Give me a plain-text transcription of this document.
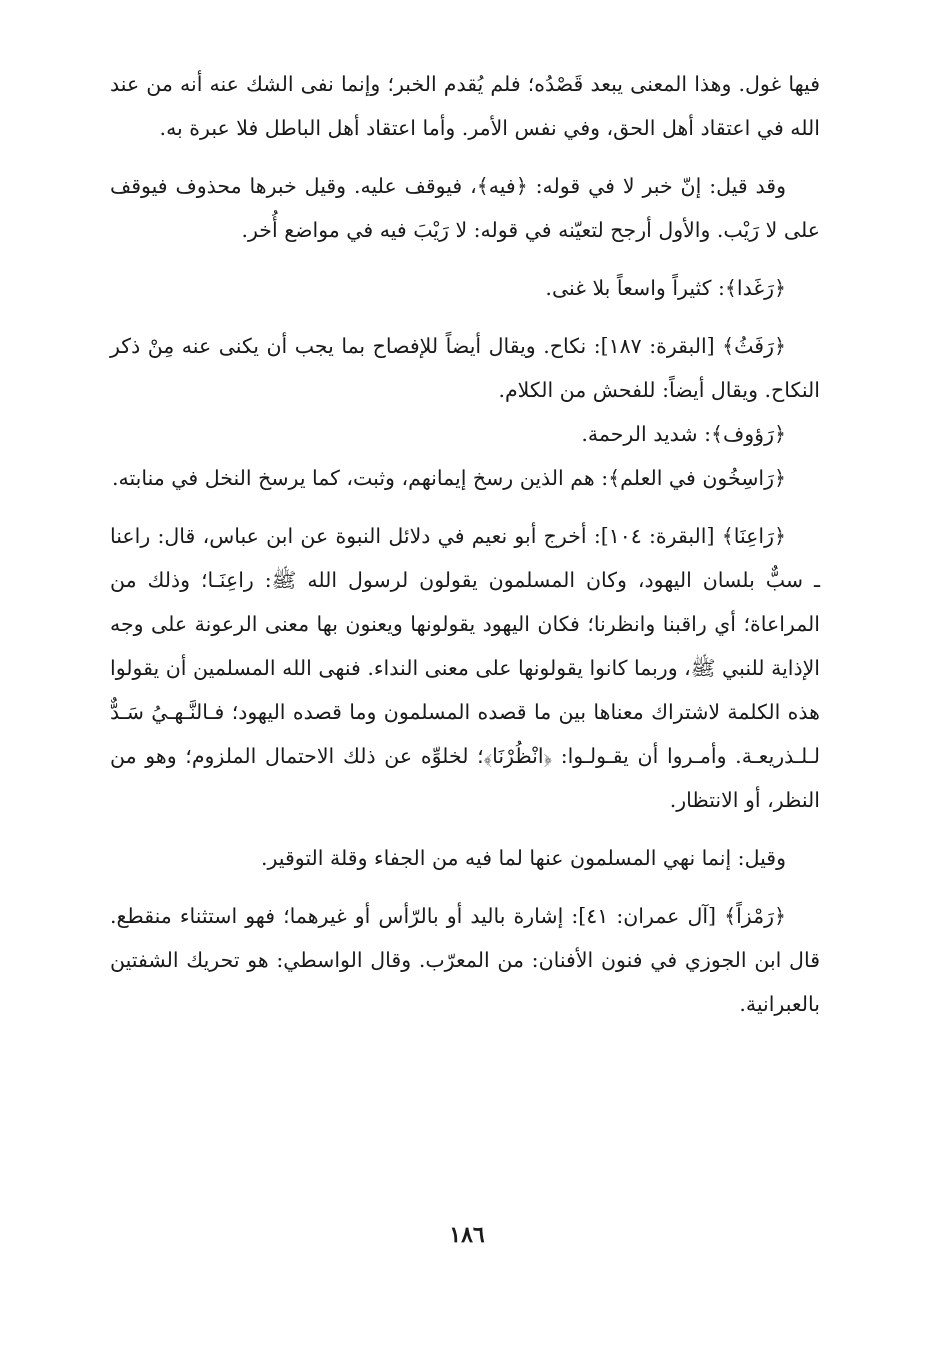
فيها غول. وهذا المعنى يبعد قَصْدُه؛ فلم يُقدم الخبر؛ وإنما نفى الشك عنه أنه من عند الله في اعتقاد أهل الحق، وفي نفس الأمر. وأما اعتقاد أهل الباطل فلا عبرة به.

وقد قيل: إنّ خبر لا في قوله: ﴿فيه﴾، فيوقف عليه. وقيل خبرها محذوف فيوقف على لا رَيْب. والأول أرجح لتعيّنه في قوله: لا رَيْبَ فيه في مواضع أُخر.

﴿رَغَدا﴾: كثيراً واسعاً بلا غنى.

﴿رَفَثُ﴾ [البقرة: ١٨٧]: نكاح. ويقال أيضاً للإفصاح بما يجب أن يكنى عنه مِنْ ذكر النكاح. ويقال أيضاً: للفحش من الكلام.

﴿رَؤوف﴾: شديد الرحمة.

﴿رَاسِخُون في العلم﴾: هم الذين رسخ إيمانهم، وثبت، كما يرسخ النخل في منابته.

﴿رَاعِنَا﴾ [البقرة: ١٠٤]: أخرج أبو نعيم في دلائل النبوة عن ابن عباس، قال: راعنا ـ سبٌّ بلسان اليهود، وكان المسلمون يقولون لرسول الله ﷺ: راعِنَـا؛ وذلك من المراعاة؛ أي راقبنا وانظرنا؛ فكان اليهود يقولونها ويعنون بها معنى الرعونة على وجه الإذاية للنبي ﷺ، وربما كانوا يقولونها على معنى النداء. فنهى الله المسلمين أن يقولوا هذه الكلمة لاشتراك معناها بين ما قصده المسلمون وما قصده اليهود؛ فـالنَّـهـيُ سَـدٌّ لـلـذريعـة. وأمـروا أن يقـولـوا: ﴿انْظُرْنَا﴾؛ لخلوِّه عن ذلك الاحتمال الملزوم؛ وهو من النظر، أو الانتظار.

وقيل: إنما نهي المسلمون عنها لما فيه من الجفاء وقلة التوقير.

﴿رَمْزاً﴾ [آل عمران: ٤١]: إشارة باليد أو بالرّأس أو غيرهما؛ فهو استثناء منقطع. قال ابن الجوزي في فنون الأفنان: من المعرّب. وقال الواسطي: هو تحريك الشفتين بالعبرانية.

١٨٦
